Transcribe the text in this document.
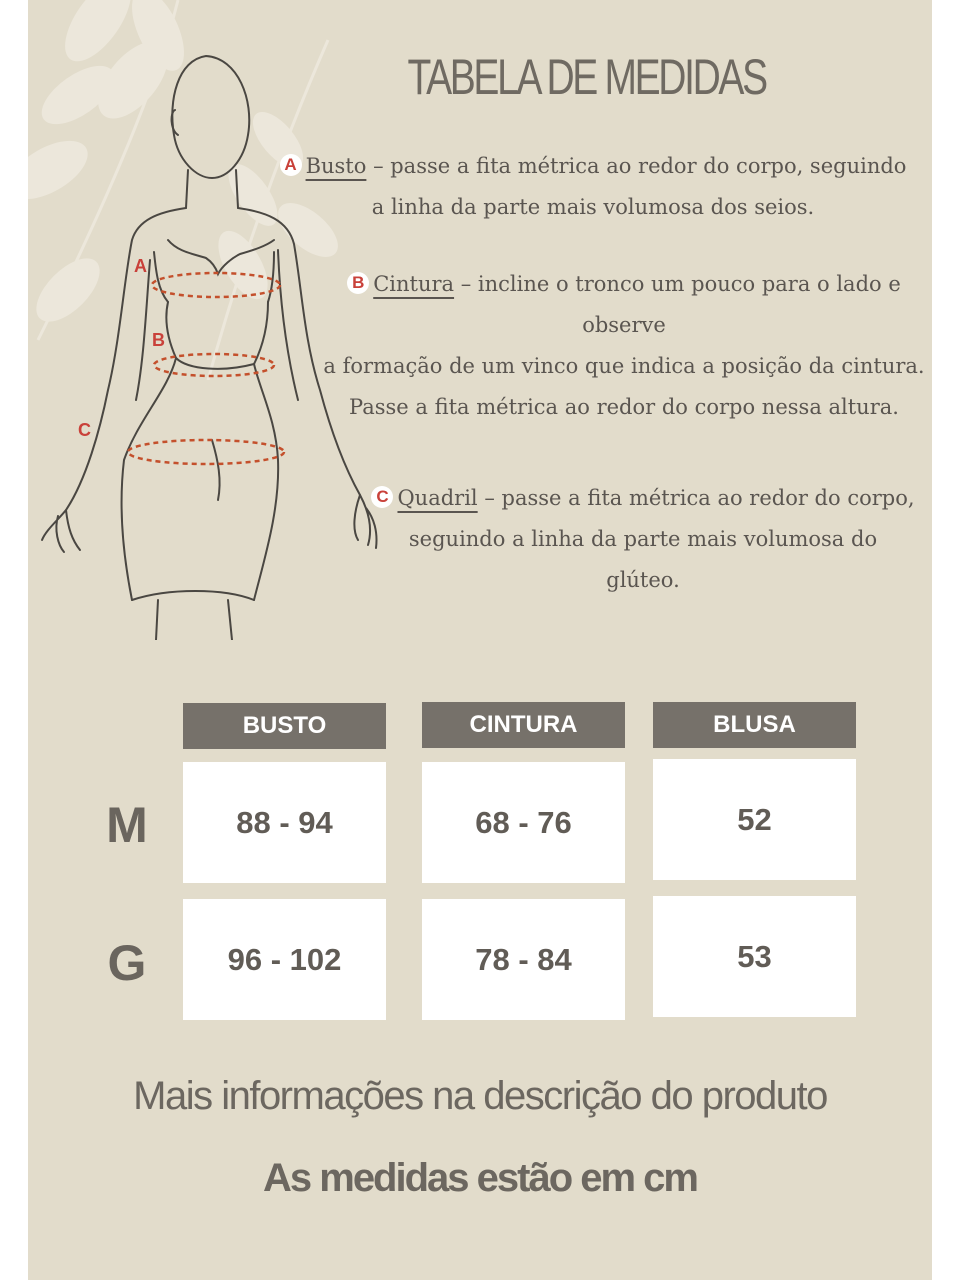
A
B
C
TABELA DE MEDIDAS
A Busto – passe a fita métrica ao redor do corpo, seguindo
a linha da parte mais volumosa dos seios.
B Cintura – incline o tronco um pouco para o lado e
observe
a formação de um vinco que indica a posição da cintura.
Passe a fita métrica ao redor do corpo nessa altura.
C Quadril – passe a fita métrica ao redor do corpo,
seguindo a linha da parte mais volumosa do
glúteo.
BUSTO	CINTURA	BLUSA
M	88 - 94	68 - 76	52
G	96 - 102	78 - 84	53
Mais informações na descrição do produto
As medidas estão em cm
